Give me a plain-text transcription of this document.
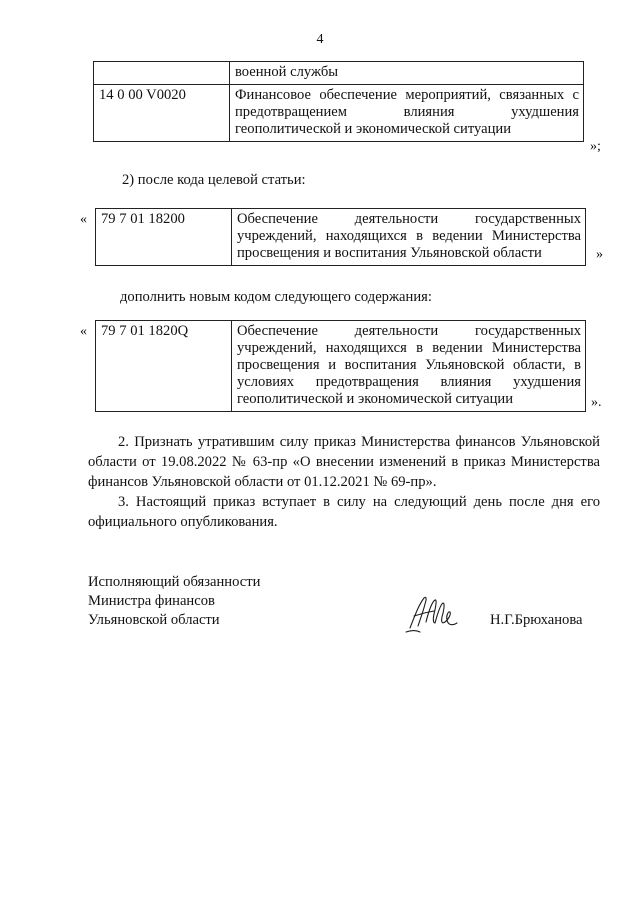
4
	военной службы
14 0 00 V0020	Финансовое обеспечение мероприятий, связанных с предотвращением влияния ухудшения геополитической и экономической ситуации
»;
2) после кода целевой статьи:
« 79 7 01 18200	Обеспечение деятельности государственных учреждений, находящихся в ведении Министерства просвещения и воспитания Ульяновской области	»
дополнить новым кодом следующего содержания:
« 79 7 01 1820Q	Обеспечение деятельности государственных учреждений, находящихся в ведении Министерства просвещения и воспитания Ульяновской области, в условиях предотвращения влияния ухудшения геополитической и экономической ситуации	».
2. Признать утратившим силу приказ Министерства финансов Ульяновской области от 19.08.2022 № 63-пр «О внесении изменений в приказ Министерства финансов Ульяновской области от 01.12.2021 № 69-пр».
3. Настоящий приказ вступает в силу на следующий день после дня его официального опубликования.
Исполняющий обязанности
Министра финансов
Ульяновской области	Н.Г.Брюханова
